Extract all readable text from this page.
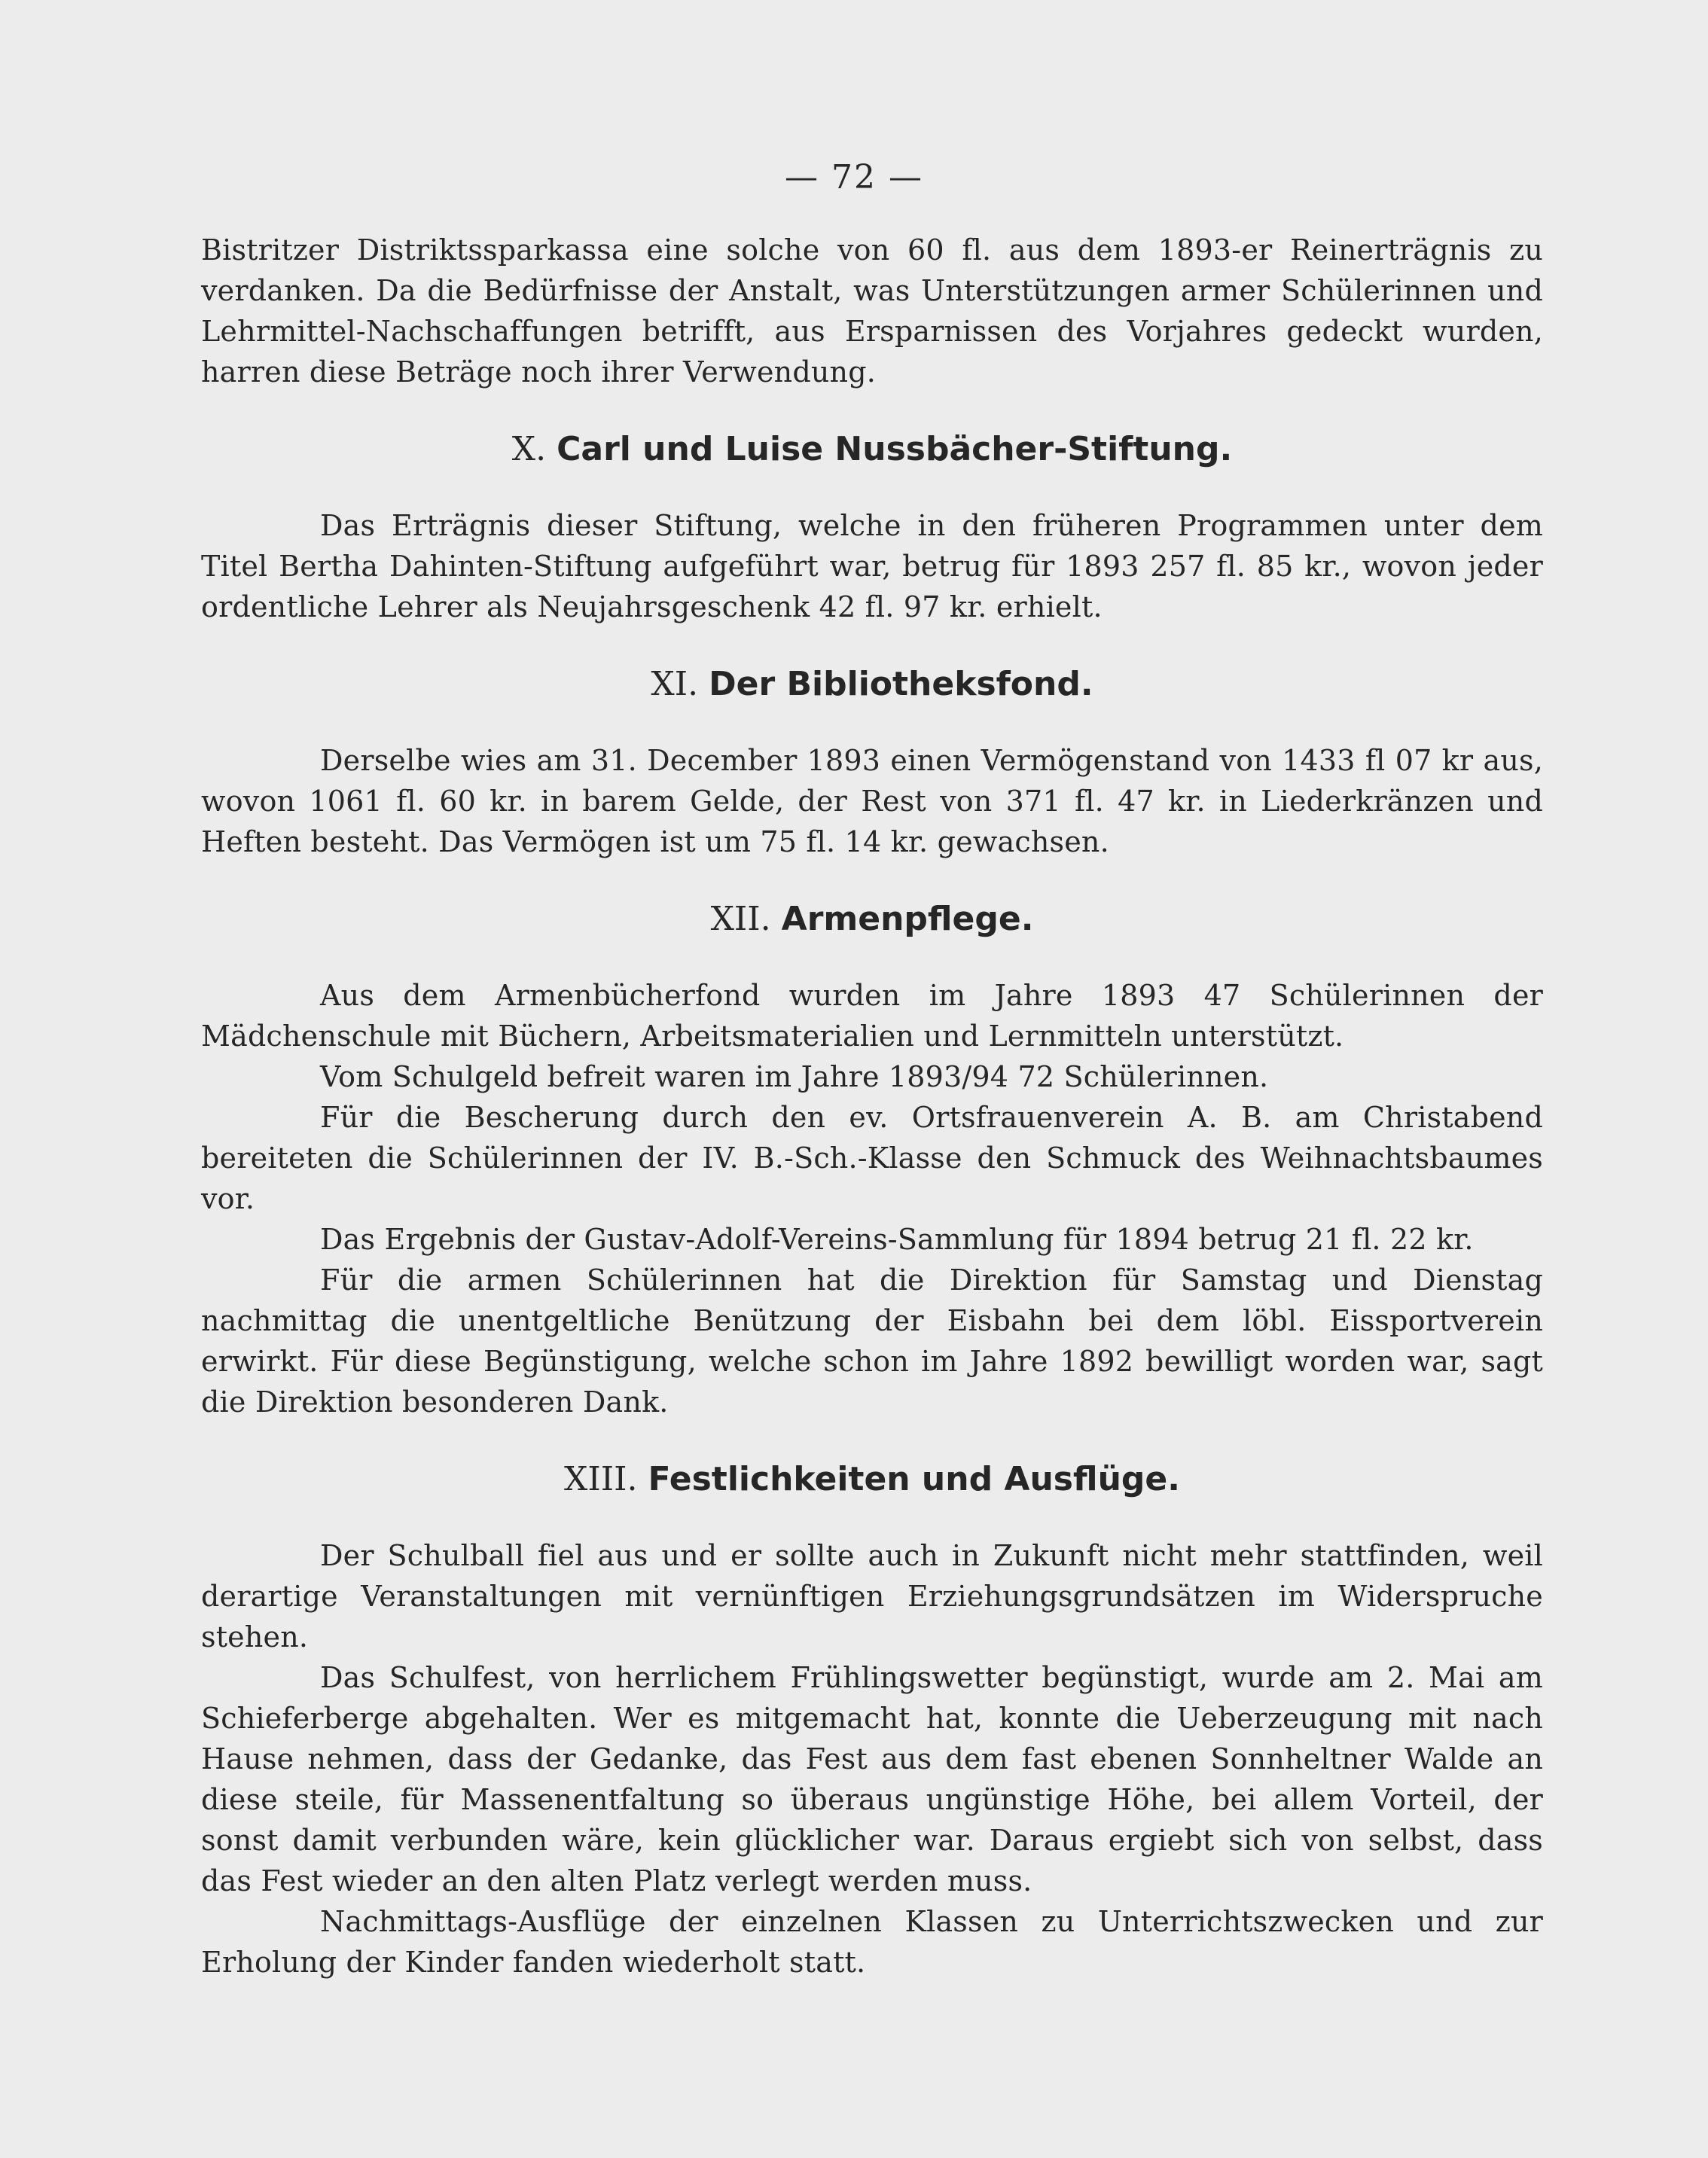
— 72 —

Bistritzer Distriktssparkassa eine solche von 60 fl. aus dem 1893-er Reinerträgnis zu verdanken. Da die Bedürfnisse der Anstalt, was Unterstützungen armer Schülerinnen und Lehrmittel-Nachschaffungen betrifft, aus Ersparnissen des Vorjahres gedeckt wurden, harren diese Beträge noch ihrer Verwendung.

X. Carl und Luise Nussbächer-Stiftung.

Das Erträgnis dieser Stiftung, welche in den früheren Programmen unter dem Titel Bertha Dahinten-Stiftung aufgeführt war, betrug für 1893 257 fl. 85 kr., wovon jeder ordentliche Lehrer als Neujahrsgeschenk 42 fl. 97 kr. erhielt.

XI. Der Bibliotheksfond.

Derselbe wies am 31. December 1893 einen Vermögenstand von 1433 fl 07 kr aus, wovon 1061 fl. 60 kr. in barem Gelde, der Rest von 371 fl. 47 kr. in Liederkränzen und Heften besteht. Das Vermögen ist um 75 fl. 14 kr. gewachsen.

XII. Armenpflege.

Aus dem Armenbücherfond wurden im Jahre 1893 47 Schülerinnen der Mädchenschule mit Büchern, Arbeitsmaterialien und Lernmitteln unterstützt.

Vom Schulgeld befreit waren im Jahre 1893/94 72 Schülerinnen.

Für die Bescherung durch den ev. Ortsfrauenverein A. B. am Christabend bereiteten die Schülerinnen der IV. B.-Sch.-Klasse den Schmuck des Weihnachtsbaumes vor.

Das Ergebnis der Gustav-Adolf-Vereins-Sammlung für 1894 betrug 21 fl. 22 kr.

Für die armen Schülerinnen hat die Direktion für Samstag und Dienstag nachmittag die unentgeltliche Benützung der Eisbahn bei dem löbl. Eissportverein erwirkt. Für diese Begünstigung, welche schon im Jahre 1892 bewilligt worden war, sagt die Direktion besonderen Dank.

XIII. Festlichkeiten und Ausflüge.

Der Schulball fiel aus und er sollte auch in Zukunft nicht mehr stattfinden, weil derartige Veranstaltungen mit vernünftigen Erziehungsgrundsätzen im Widerspruche stehen.

Das Schulfest, von herrlichem Frühlingswetter begünstigt, wurde am 2. Mai am Schieferberge abgehalten. Wer es mitgemacht hat, konnte die Ueberzeugung mit nach Hause nehmen, dass der Gedanke, das Fest aus dem fast ebenen Sonnheltner Walde an diese steile, für Massenentfaltung so überaus ungünstige Höhe, bei allem Vorteil, der sonst damit verbunden wäre, kein glücklicher war. Daraus ergiebt sich von selbst, dass das Fest wieder an den alten Platz verlegt werden muss.

Nachmittags-Ausflüge der einzelnen Klassen zu Unterrichtszwecken und zur Erholung der Kinder fanden wiederholt statt.
